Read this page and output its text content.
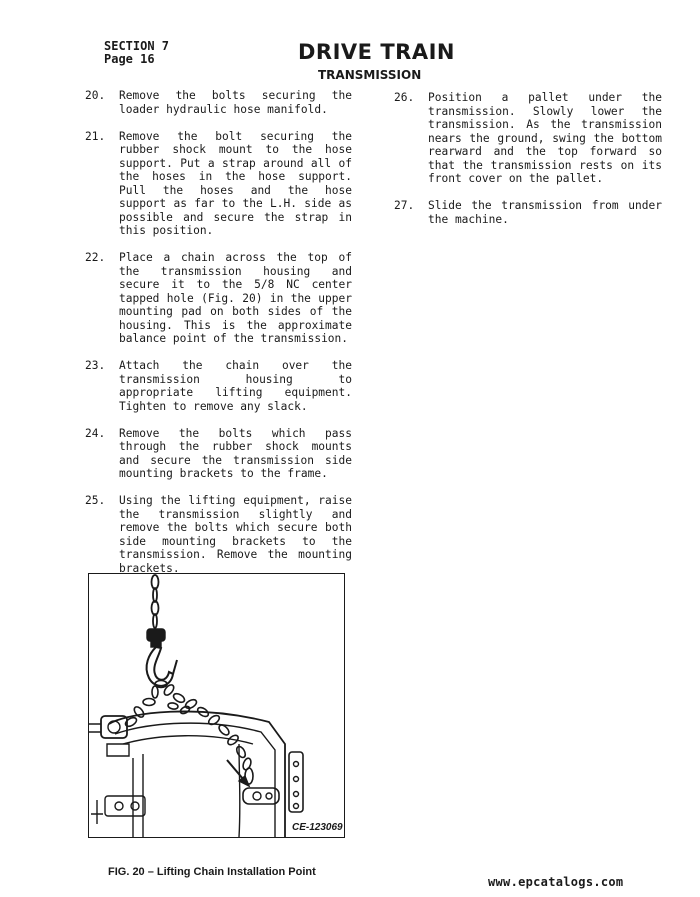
SECTION 7
Page 16	DRIVE TRAIN
TRANSMISSION
20.	Remove the bolts securing the loader hydraulic hose manifold.
21.	Remove the bolt securing the rubber shock mount to the hose support. Put a strap around all of the hoses in the hose support. Pull the hoses and the hose support as far to the L.H. side as possible and secure the strap in this position.
22.	Place a chain across the top of the transmission housing and secure it to the 5/8 NC center tapped hole (Fig. 20) in the upper mounting pad on both sides of the housing. This is the approximate balance point of the transmission.
23.	Attach the chain over the transmission housing to appropriate lifting equipment. Tighten to remove any slack.
24.	Remove the bolts which pass through the rubber shock mounts and secure the transmission side mounting brackets to the frame.
25.	Using the lifting equipment, raise the transmission slightly and remove the bolts which secure both side mounting brackets to the transmission. Remove the mounting brackets.
26.	Position a pallet under the transmission. Slowly lower the transmission. As the transmission nears the ground, swing the bottom rearward and the top forward so that the transmission rests on its front cover on the pallet.
27.	Slide the transmission from under the machine.
CE-123069
FIG. 20 – Lifting Chain Installation Point
www.epcatalogs.com
